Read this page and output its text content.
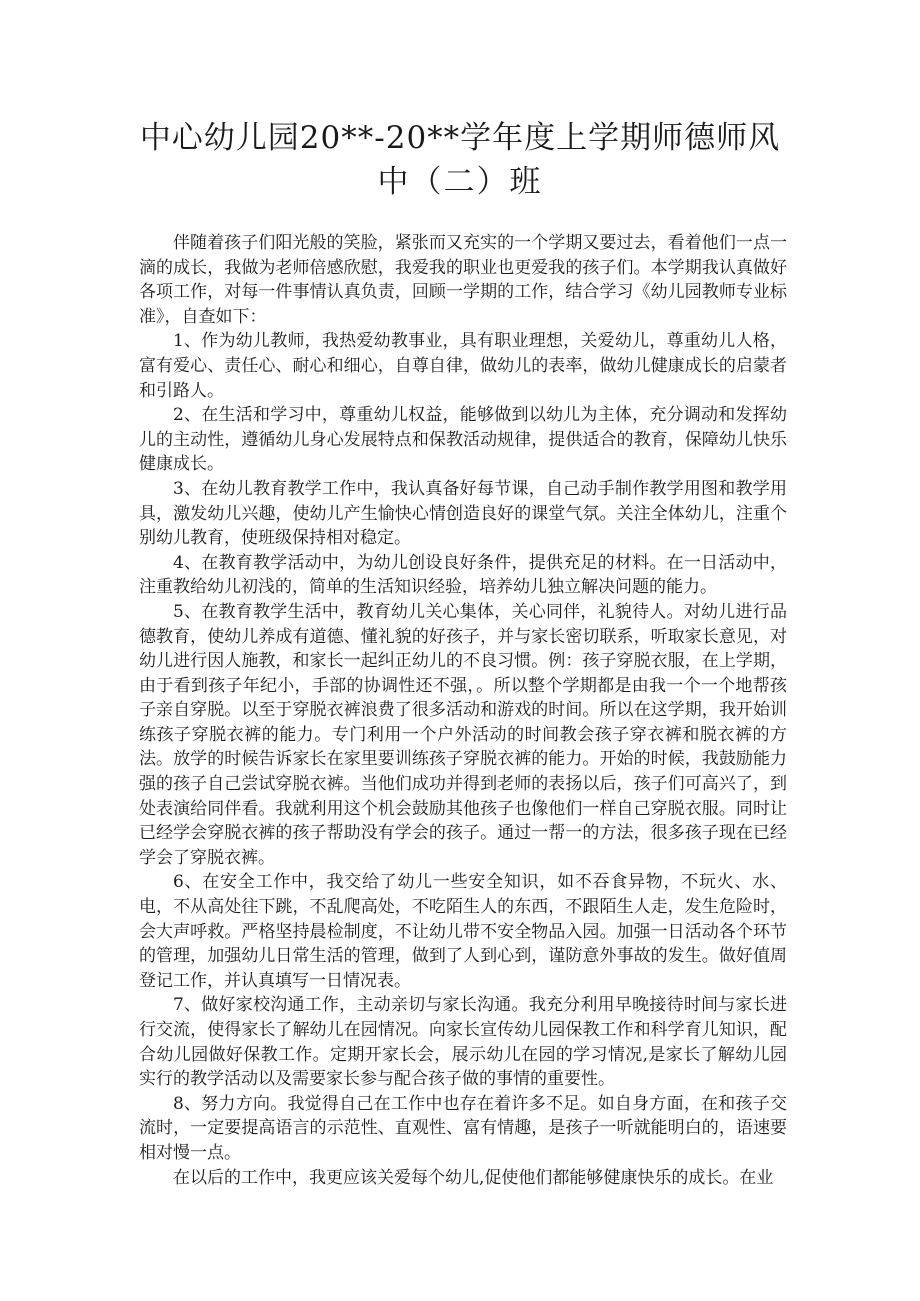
中心幼儿园20**-20**学年度上学期师德师风
中（二）班

伴随着孩子们阳光般的笑脸，紧张而又充实的一个学期又要过去，看着他们一点一滴的成长，我做为老师倍感欣慰，我爱我的职业也更爱我的孩子们。本学期我认真做好各项工作，对每一件事情认真负责，回顾一学期的工作，结合学习《幼儿园教师专业标准》，自查如下：

1、作为幼儿教师，我热爱幼教事业，具有职业理想，关爱幼儿，尊重幼儿人格，富有爱心、责任心、耐心和细心，自尊自律，做幼儿的表率，做幼儿健康成长的启蒙者和引路人。

2、在生活和学习中，尊重幼儿权益，能够做到以幼儿为主体，充分调动和发挥幼儿的主动性，遵循幼儿身心发展特点和保教活动规律，提供适合的教育，保障幼儿快乐健康成长。

3、在幼儿教育教学工作中，我认真备好每节课，自己动手制作教学用图和教学用具，激发幼儿兴趣，使幼儿产生愉快心情创造良好的课堂气氛。关注全体幼儿，注重个别幼儿教育，使班级保持相对稳定。

4、在教育教学活动中，为幼儿创设良好条件，提供充足的材料。在一日活动中，注重教给幼儿初浅的，简单的生活知识经验，培养幼儿独立解决问题的能力。

5、在教育教学生活中，教育幼儿关心集体，关心同伴，礼貌待人。对幼儿进行品德教育，使幼儿养成有道德、懂礼貌的好孩子，并与家长密切联系，听取家长意见，对幼儿进行因人施教，和家长一起纠正幼儿的不良习惯。例：孩子穿脱衣服，在上学期，由于看到孩子年纪小，手部的协调性还不强，。所以整个学期都是由我一个一个地帮孩子亲自穿脱。以至于穿脱衣裤浪费了很多活动和游戏的时间。所以在这学期，我开始训练孩子穿脱衣裤的能力。专门利用一个户外活动的时间教会孩子穿衣裤和脱衣裤的方法。放学的时候告诉家长在家里要训练孩子穿脱衣裤的能力。开始的时候，我鼓励能力强的孩子自己尝试穿脱衣裤。当他们成功并得到老师的表扬以后，孩子们可高兴了，到处表演给同伴看。我就利用这个机会鼓励其他孩子也像他们一样自己穿脱衣服。同时让已经学会穿脱衣裤的孩子帮助没有学会的孩子。通过一帮一的方法，很多孩子现在已经学会了穿脱衣裤。

6、在安全工作中，我交给了幼儿一些安全知识，如不吞食异物，不玩火、水、电，不从高处往下跳，不乱爬高处，不吃陌生人的东西，不跟陌生人走，发生危险时，会大声呼救。严格坚持晨检制度，不让幼儿带不安全物品入园。加强一日活动各个环节的管理，加强幼儿日常生活的管理，做到了人到心到，谨防意外事故的发生。做好值周登记工作，并认真填写一日情况表。

7、做好家校沟通工作，主动亲切与家长沟通。我充分利用早晚接待时间与家长进行交流，使得家长了解幼儿在园情况。向家长宣传幼儿园保教工作和科学育儿知识，配合幼儿园做好保教工作。定期开家长会，展示幼儿在园的学习情况,是家长了解幼儿园实行的教学活动以及需要家长参与配合孩子做的事情的重要性。

8、努力方向。我觉得自己在工作中也存在着许多不足。如自身方面，在和孩子交流时，一定要提高语言的示范性、直观性、富有情趣，是孩子一听就能明白的，语速要相对慢一点。

在以后的工作中，我更应该关爱每个幼儿,促使他们都能够健康快乐的成长。在业
